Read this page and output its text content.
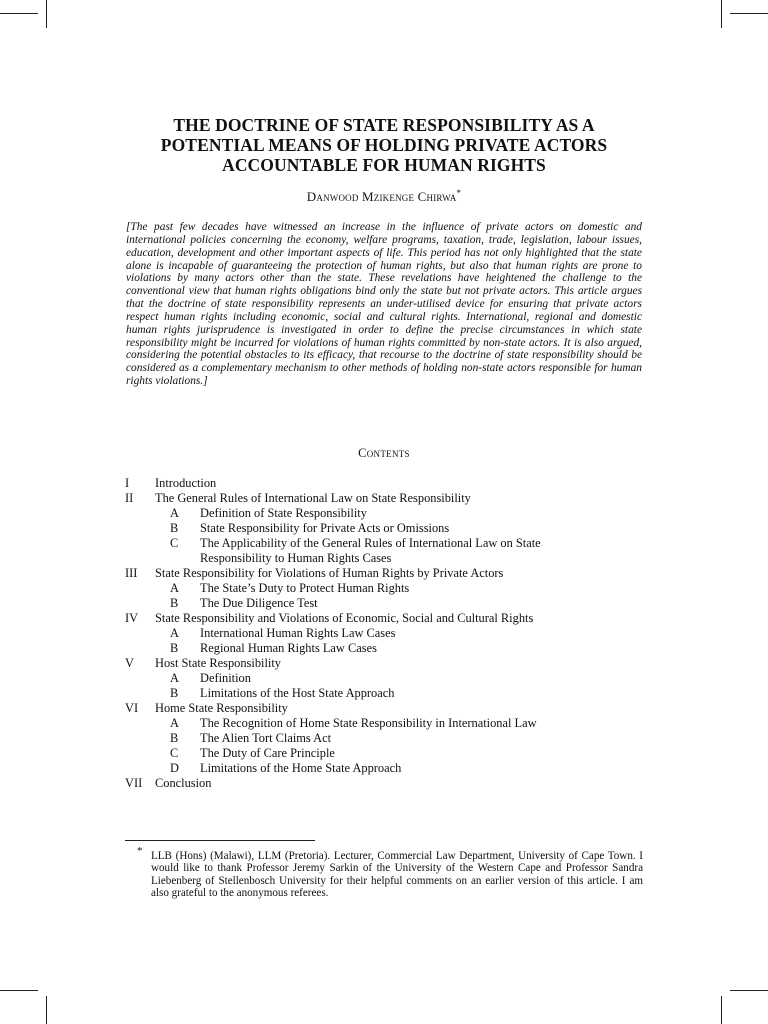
THE DOCTRINE OF STATE RESPONSIBILITY AS A
POTENTIAL MEANS OF HOLDING PRIVATE ACTORS
ACCOUNTABLE FOR HUMAN RIGHTS
Danwood Mzikenge Chirwa*

[The past few decades have witnessed an increase in the influence of private actors on domestic and international policies concerning the economy, welfare programs, taxation, trade, legislation, labour issues, education, development and other important aspects of life. This period has not only highlighted that the state alone is incapable of guaranteeing the protection of human rights, but also that human rights are prone to violations by many actors other than the state. These revelations have heightened the challenge to the conventional view that human rights obligations bind only the state but not private actors. This article argues that the doctrine of state responsibility represents an under-utilised device for ensuring that private actors respect human rights including economic, social and cultural rights. International, regional and domestic human rights jurisprudence is investigated in order to define the precise circumstances in which state responsibility might be incurred for violations of human rights committed by non-state actors. It is also argued, considering the potential obstacles to its efficacy, that recourse to the doctrine of state responsibility should be considered as a complementary mechanism to other methods of holding non-state actors responsible for human rights violations.]

Contents
I Introduction
II The General Rules of International Law on State Responsibility
A Definition of State Responsibility
B State Responsibility for Private Acts or Omissions
C The Applicability of the General Rules of International Law on State
Responsibility to Human Rights Cases
III State Responsibility for Violations of Human Rights by Private Actors
A The State’s Duty to Protect Human Rights
B The Due Diligence Test
IV State Responsibility and Violations of Economic, Social and Cultural Rights
A International Human Rights Law Cases
B Regional Human Rights Law Cases
V Host State Responsibility
A Definition
B Limitations of the Host State Approach
VI Home State Responsibility
A The Recognition of Home State Responsibility in International Law
B The Alien Tort Claims Act
C The Duty of Care Principle
D Limitations of the Home State Approach
VII Conclusion
* LLB (Hons) (Malawi), LLM (Pretoria). Lecturer, Commercial Law Department, University of Cape Town. I would like to thank Professor Jeremy Sarkin of the University of the Western Cape and Professor Sandra Liebenberg of Stellenbosch University for their helpful comments on an earlier version of this article. I am also grateful to the anonymous referees.
